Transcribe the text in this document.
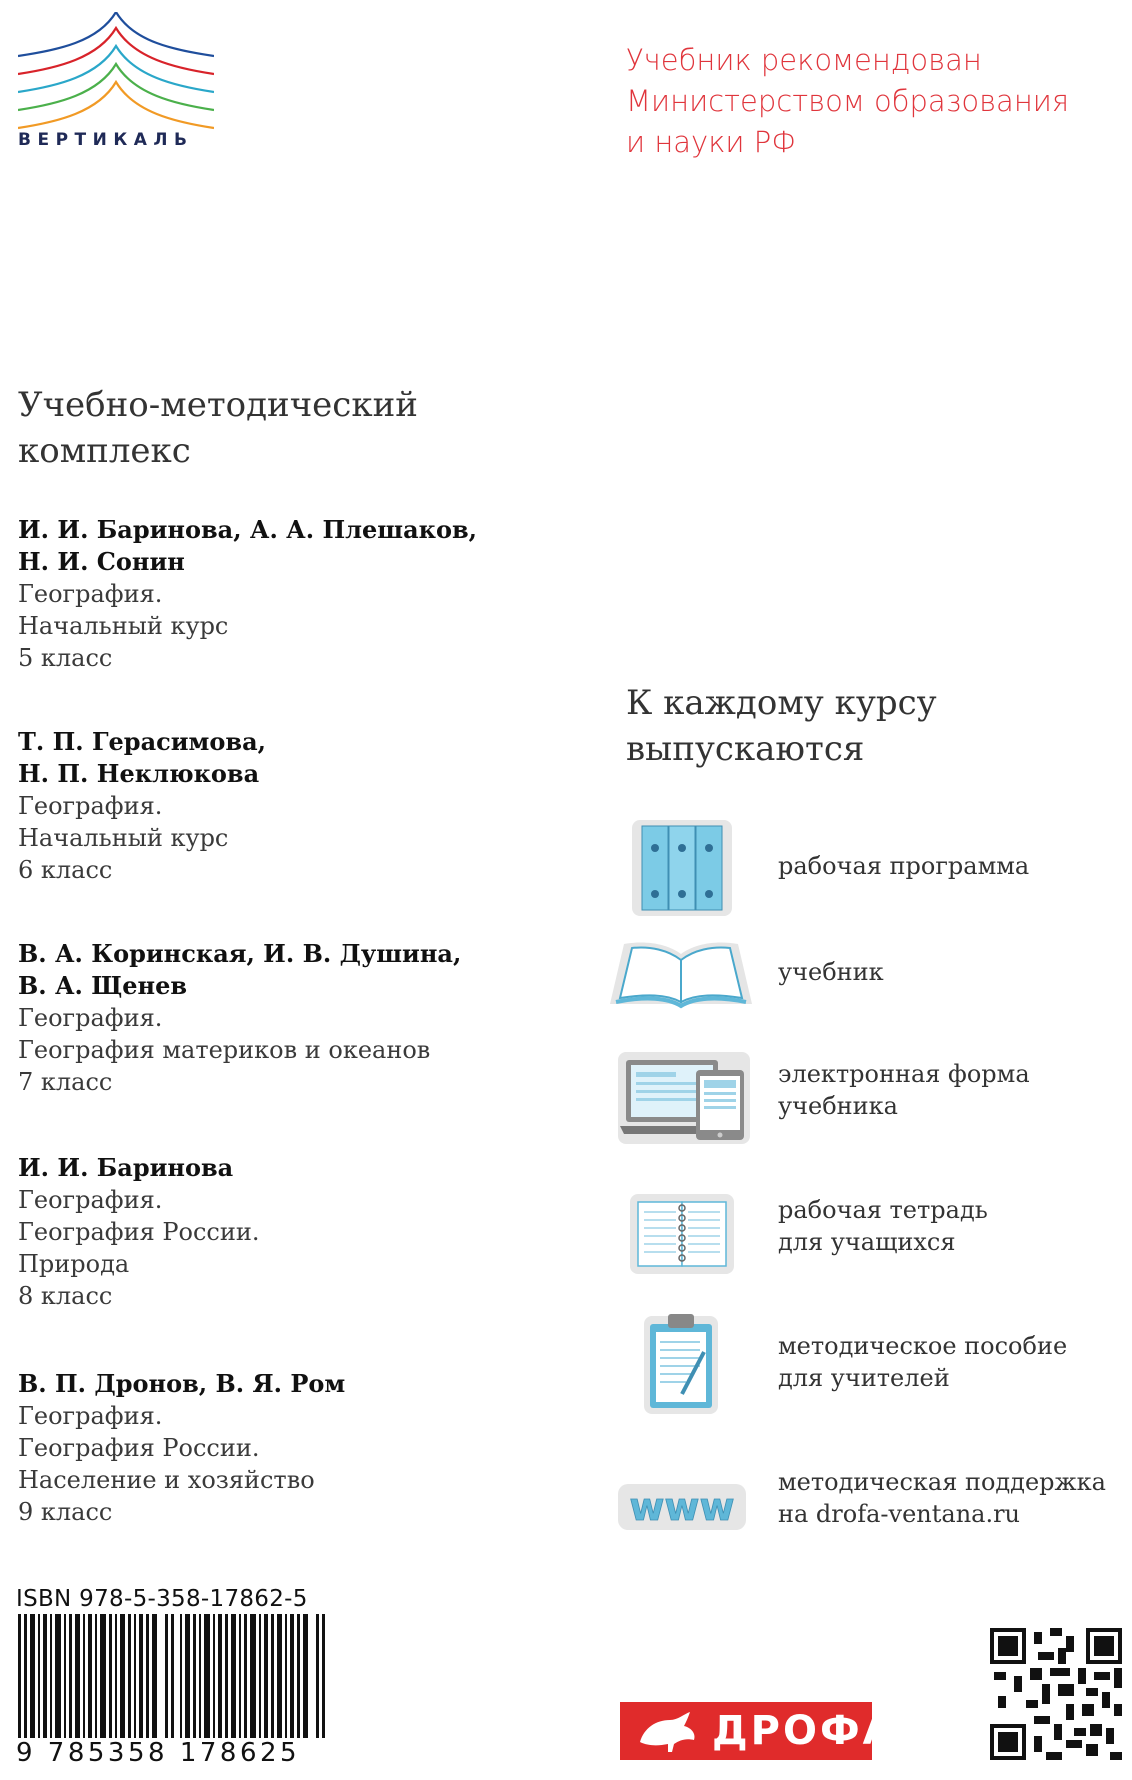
ВЕРТИКАЛЬ
Учебник рекомендован
Министерством образования
и науки РФ
Учебно-методический
комплекс
И. И. Баринова, А. А. Плешаков,
Н. И. Сонин
География.
Начальный курс
5 класс
Т. П. Герасимова,
Н. П. Неклюкова
География.
Начальный курс
6 класс
В. А. Коринская, И. В. Душина,
В. А. Щенев
География.
География материков и океанов
7 класс
И. И. Баринова
География.
География России.
Природа
8 класс
В. П. Дронов, В. Я. Ром
География.
География России.
Население и хозяйство
9 класс
К каждому курсу
выпускаются
рабочая программа
учебник
электронная форма
учебника
рабочая тетрадь
для учащихся
методическое пособие
для учителей
www
методическая поддержка
на drofa-ventana.ru
ISBN 978-5-358-17862-5
9 785358 178625	ДРОФА
